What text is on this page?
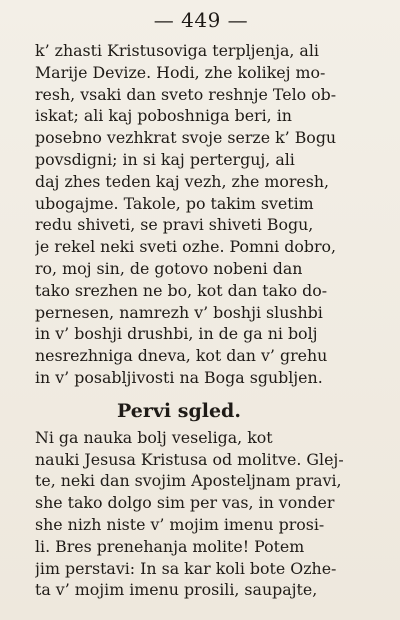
— 449 —
k’ zhasti Kristusoviga terpljenja, ali
Marije Devize. Hodi, zhe kolikej mo-
resh, vsaki dan sveto reshnje Telo ob-
iskat; ali kaj poboshniga beri, in
posebno vezhkrat svoje serze k’ Bogu
povsdigni; in si kaj perterguj, ali
daj zhes teden kaj vezh, zhe moresh,
ubogajme. Takole, po takim svetim
redu shiveti, se pravi shiveti Bogu,
je rekel neki sveti ozhe. Pomni dobro,
ro, moj sin, de gotovo nobeni dan
tako srezhen ne bo, kot dan tako do-
pernesen, namrezh v’ boshji slushbi
in v’ boshji drushbi, in de ga ni bolj
nesrezhniga dneva, kot dan v’ grehu
in v’ posabljivosti na Boga sgubljen.
Pervi sgled.
Ni ga nauka bolj veseliga, kot
nauki Jesusa Kristusa od molitve. Glej-
te, neki dan svojim Aposteljnam pravi,
she tako dolgo sim per vas, in vonder
she nizh niste v’ mojim imenu prosi-
li. Bres prenehanja molite! Potem
jim perstavi: In sa kar koli bote Ozhe-
ta v’ mojim imenu prosili, saupajte,
